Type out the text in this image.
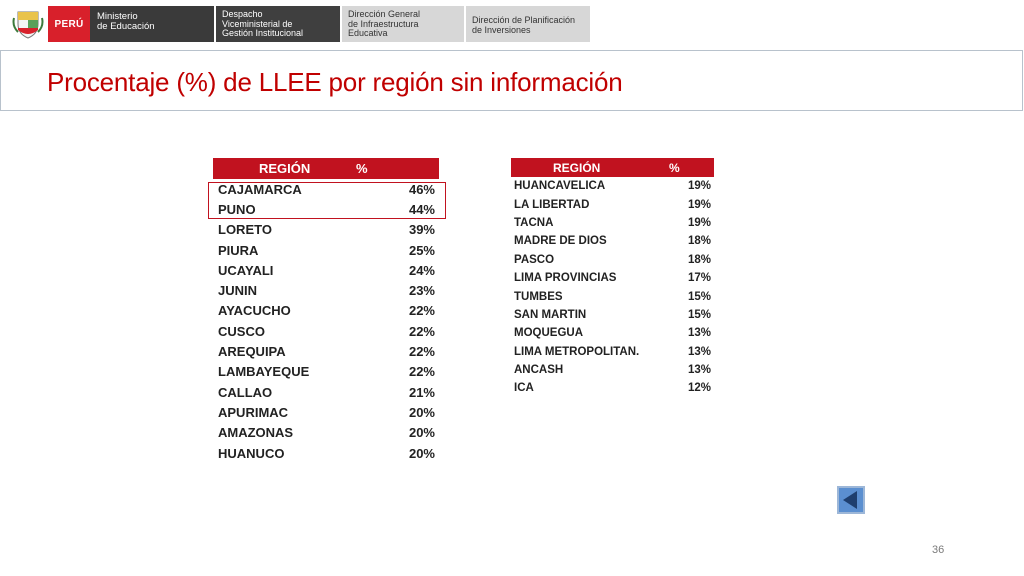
PERÚ
Ministerio
de Educación
Despacho
Viceministerial de
Gestión Institucional
Dirección General
de Infraestructura
Educativa
Dirección de Planificación
de Inversiones
Procentaje (%) de LLEE por región sin información
REGIÓN	%
CAJAMARCA	46%
PUNO	44%
LORETO	39%
PIURA	25%
UCAYALI	24%
JUNIN	23%
AYACUCHO	22%
CUSCO	22%
AREQUIPA	22%
LAMBAYEQUE	22%
CALLAO	21%
APURIMAC	20%
AMAZONAS	20%
HUANUCO	20%
REGIÓN	%
HUANCAVELICA	19%
LA LIBERTAD	19%
TACNA	19%
MADRE DE DIOS	18%
PASCO	18%
LIMA PROVINCIAS	17%
TUMBES	15%
SAN MARTIN	15%
MOQUEGUA	13%
LIMA METROPOLITAN.	13%
ANCASH	13%
ICA	12%
36
